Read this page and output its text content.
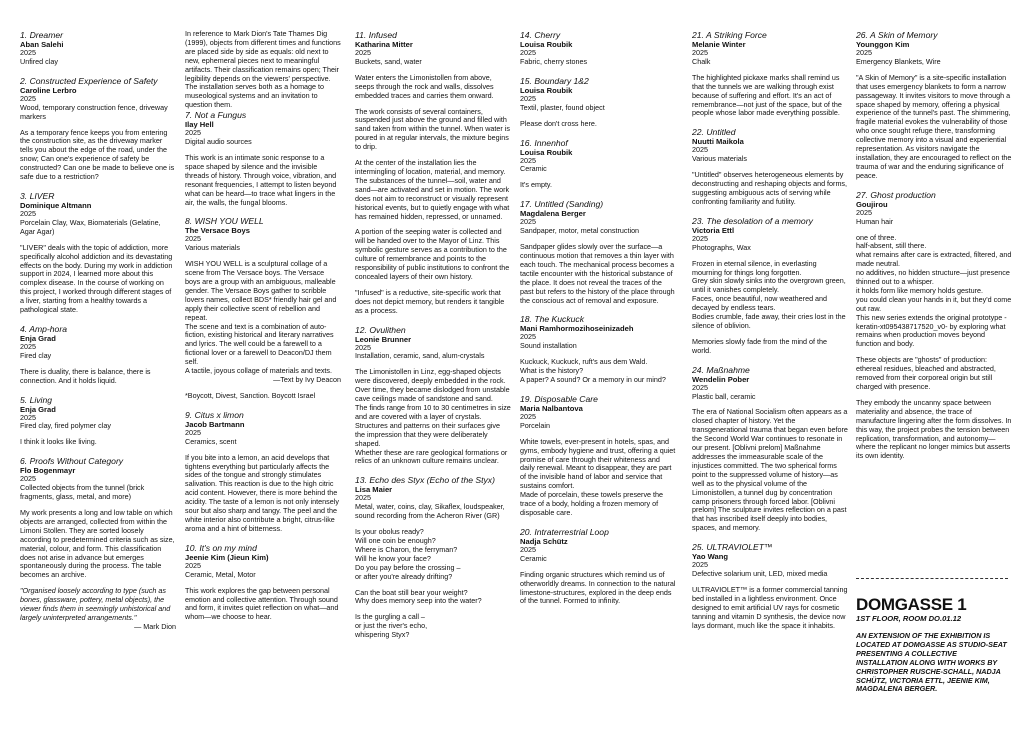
1. Dreamer
Aban Salehi
2025
Unfired clay
2. Constructed Experience of Safety
Caroline Lerbro
2025
Wood, temporary construction fence, driveway markers
As a temporary fence keeps you from entering the construction site, as the driveway marker tells you about the edge of the road, under the snow; Can one's experience of safety be constructed? Can one be made to believe one is safe due to a restriction?
3. LIVER
Dominique Altmann
2025
Porcelain Clay, Wax, Biomaterials (Gelatine, Agar Agar)
"LIVER" deals with the topic of addiction, more specifically alcohol addiction and its devastating effects on the body. During my work in addiction support in 2024, I learned more about this complex disease. In the course of working on this project, I worked through different stages of a liver, starting from a healthy towards a pathological state.
4. Amp-hora
Enja Grad
2025
Fired clay
There is duality, there is balance, there is connection. And it holds liquid.
5. Living
Enja Grad
2025
Fired clay, fired polymer clay
I think it looks like living.
6. Proofs Without Category
Flo Bogenmayr
2025
Collected objects from the tunnel (brick fragments, glass, metal, and more)
My work presents a long and low table on which objects are arranged, collected from within the Limoni Stollen. They are sorted loosely according to predetermined criteria such as size, material, colour, and form. This classification does not arise in advance but emerges spontaneously during the process. The table becomes an archive.
"Organised loosely according to type (such as bones, glassware, pottery, metal objects), the viewer finds them in seemingly unhistorical and largely uninterpreted arrangements."
— Mark Dion
In reference to Mark Dion's Tate Thames Dig (1999), objects from different times and functions are placed side by side as equals: old next to new, ephemeral pieces next to meaningful artifacts. Their classification remains open; Their legibility depends on the viewers' perspective. The installation serves both as a homage to museological systems and an invitation to question them.
7. Not a Fungus
Ilay Hell
2025
Digital audio sources
This work is an intimate sonic response to a space shaped by silence and the invisible threads of history. Through voice, vibration, and resonant frequencies, I attempt to listen beyond what can be heard—to trace what lingers in the air, the walls, the fungal blooms.
8. WISH YOU WELL
The Versace Boys
2025
Various materials
WISH YOU WELL is a sculptural collage of a scene from The Versace boys. The Versace boys are a group with an ambiguous, malleable gender. The Versace Boys gather to scribble lovers names, collect BDS* friendly hair gel and apply their collective scent of rebellion and repeat.
The scene and text is a combination of auto-fiction, existing historical and literary narratives and lyrics. The well could be a farewell to a fictional lover or a farewell to Deacon/DJ them self.
A tactile, joyous collage of materials and texts.
—Text by Ivy Deacon
*Boycott, Divest, Sanction. Boycott Israel
9. Citus x limon
Jacob Bartmann
2025
Ceramics, scent
If you bite into a lemon, an acid develops that tightens everything but particularly affects the sides of the tongue and strongly stimulates salivation. This reaction is due to the high citric acid content. However, there is more behind the acidity. The taste of a lemon is not only intensely sour but also sharp and tangy. The peel and the white interior also contribute a bright, citrus-like aroma and a hint of bitterness.
10. It's on my mind
Jeenie Kim (Jieun Kim)
2025
Ceramic, Metal, Motor
This work explores the gap between personal emotion and collective attention. Through sound and form, it invites quiet reflection on what—and whom—we choose to hear.
11. Infused
Katharina Mitter
2025
Buckets, sand, water
Water enters the Limonistollen from above, seeps through the rock and walls, dissolves embedded traces and carries them onward.
The work consists of several containers, suspended just above the ground and filled with sand taken from within the tunnel. When water is poured in at regular intervals, the mixture begins to drip.
At the center of the installation lies the intermingling of location, material, and memory. The substances of the tunnel—soil, water and sand—are activated and set in motion. The work does not aim to reconstruct or visually represent historical events, but to quietly engage with what has remained hidden, repressed, or unnamed.
A portion of the seeping water is collected and will be handed over to the Mayor of Linz. This symbolic gesture serves as a contribution to the culture of remembrance and points to the responsibility of public institutions to confront the concealed layers of their own history.
"Infused" is a reductive, site-specific work that does not depict memory, but renders it tangible as a process.
12. Ovulithen
Leonie Brunner
2025
Installation, ceramic, sand, alum-crystals
The Limonistollen in Linz, egg-shaped objects were discovered, deeply embedded in the rock. Over time, they became dislodged from unstable cave ceilings made of sandstone and sand.
The finds range from 10 to 30 centimetres in size and are covered with a layer of crystals. Structures and patterns on their surfaces give the impression that they were deliberately shaped.
Whether these are rare geological formations or relics of an unknown culture remains unclear.
13. Echo des Styx (Echo of the Styx)
Lisa Maier
2025
Metal, water, coins, clay, Sikaflex, loudspeaker, sound recording from the Acheron River (GR)
Is your obolus ready?
Will one coin be enough?
Where is Charon, the ferryman?
Will he know your face?
Do you pay before the crossing –
or after you're already drifting?
Can the boat still bear your weight?
Why does memory seep into the water?
Is the gurgling a call –
or just the river's echo,
whispering Styx?
14. Cherry
Louisa Roubik
2025
Fabric, cherry stones
15. Boundary 1&2
Louisa Roubik
2025
Textil, plaster, found object
Please don't cross here.
16. Innenhof
Louisa Roubik
2025
Ceramic
It's empty.
17. Untitled (Sanding)
Magdalena Berger
2025
Sandpaper, motor, metal construction
Sandpaper glides slowly over the surface—a continuous motion that removes a thin layer with each touch. The mechanical process becomes a tactile encounter with the historical substance of the place. It does not reveal the traces of the past but refers to the history of the place through the conscious act of removal and exposure.
18. The Kuckuck
Mani Ramhormozihoseinizadeh
2025
Sound installation
Kuckuck, Kuckuck, ruft's aus dem Wald.
What is the history?
A paper? A sound? Or a memory in our mind?
19. Disposable Care
Maria Nalbantova
2025
Porcelain
White towels, ever-present in hotels, spas, and gyms, embody hygiene and trust, offering a quiet promise of care through their whiteness and daily renewal. Meant to disappear, they are part of the invisible hand of labor and service that sustains comfort.
Made of porcelain, these towels preserve the trace of a body, holding a frozen memory of disposable care.
20. Intraterrestrial Loop
Nadja Schütz
2025
Ceramic
Finding organic structures which remind us of otherworldly dreams. In connection to the natural limestone-structures, explored in the deep ends of the tunnel. Formed to infinity.
21. A Striking Force
Melanie Winter
2025
Chalk
The highlighted pickaxe marks shall remind us that the tunnels we are walking through exist because of suffering and effort. It's an act of remembrance—not just of the space, but of the people whose labor made everything possible.
22. Untitled
Nuutti Maikola
2025
Various materials
"Untitled" observes heterogeneous elements by deconstructing and reshaping objects and forms, suggesting ambiguous acts of serving while confronting familiarity and futility.
23. The desolation of a memory
Victoria Ettl
2025
Photographs, Wax
Frozen in eternal silence, in everlasting mourning for things long forgotten.
Grey skin slowly sinks into the overgrown green, until it vanishes completely.
Faces, once beautiful, now weathered and decayed by endless tears.
Bodies crumble, fade away, their cries lost in the silence of oblivion.
Memories slowly fade from the mind of the world.
24. Maßnahme
Wendelin Pober
2025
Plastic ball, ceramic
The era of National Socialism often appears as a closed chapter of history. Yet the transgenerational trauma that began even before the Second World War continues to resonate in our present. [Oblivni prelom] Maßnahme addresses the immeasurable scale of the injustices committed. The two spherical forms point to the suppressed volume of history—as well as to the physical volume of the Limonistollen, a tunnel dug by concentration camp prisoners through forced labor. [Oblivni prelom] The sculpture invites reflection on a past that has inscribed itself deeply into bodies, spaces, and memory.
25. ULTRAVIOLET™
Yao Wang
2025
Defective solarium unit, LED, mixed media
ULTRAVIOLET™ is a former commercial tanning bed installed in a lightless environment. Once designed to emit artificial UV rays for cosmetic tanning and vitamin D synthesis, the device now lays dormant, much like the space it inhabits.
26. A Skin of Memory
Younggon Kim
2025
Emergency Blankets, Wire
"A Skin of Memory" is a site-specific installation that uses emergency blankets to form a narrow passageway. It invites visitors to move through a space shaped by memory, offering a physical experience of the tunnel's past. The shimmering, fragile material evokes the vulnerability of those who once sought refuge there, transforming collective memory into a visual and experiential representation. As visitors navigate the installation, they are encouraged to reflect on the trauma of war and the enduring significance of peace.
27. Ghost production
Goujirou
2025
Human hair
one of three.
half-absent, still there.
what remains after care is extracted, filtered, and made neutral.
no additives, no hidden structure—just presence thinned out to a whisper.
it holds form like memory holds gesture.
you could clean your hands in it, but they'd come out raw.
This new series extends the original prototype -keratin-xt095438717520_v0- by exploring what remains when production moves beyond function and body.
These objects are "ghosts" of production: ethereal residues, bleached and abstracted, removed from their corporeal origin but still charged with presence.
They embody the uncanny space between materiality and absence, the trace of manufacture lingering after the form dissolves. In this way, the project probes the tension between replication, transformation, and autonomy—where the replicant no longer mimics but asserts its own identity.
DOMGASSE 1
1ST FLOOR, ROOM DO.01.12
AN EXTENSION OF THE EXHIBITION IS LOCATED AT DOMGASSE AS STUDIO-SEAT PRESENTING A COLLECTIVE INSTALLATION ALONG WITH WORKS BY CHRISTOPHER RUSCHE-SCHALL, NADJA SCHÜTZ, VICTORIA ETTL, JEENIE KIM, MAGDALENA BERGER.
